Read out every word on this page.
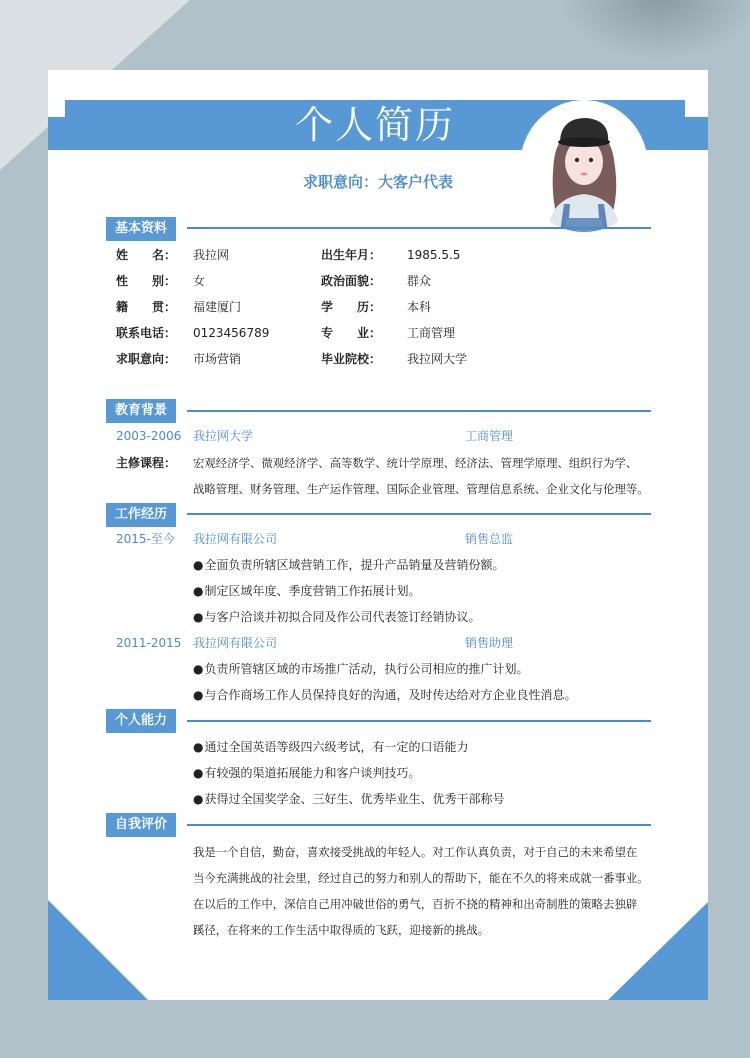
个人简历
求职意向：大客户代表
基本资料
姓　　名： 我拉网	出生年月： 1985.5.5
性　　别： 女	政治面貌： 群众
籍　　贯： 福建厦门	学　　历： 本科
联系电话： 0123456789	专　　业： 工商管理
求职意向： 市场营销	毕业院校： 我拉网大学
教育背景
2003-2006 我拉网大学	工商管理
主修课程： 宏观经济学、微观经济学、高等数学、统计学原理、经济法、管理学原理、组织行为学、
战略管理、财务管理、生产运作管理、国际企业管理、管理信息系统、企业文化与伦理等。
工作经历
2015-至今 我拉网有限公司	销售总监
● 全面负责所辖区域营销工作，提升产品销量及营销份额。
● 制定区域年度、季度营销工作拓展计划。
● 与客户洽谈并初拟合同及作公司代表签订经销协议。
2011-2015 我拉网有限公司	销售助理
● 负责所管辖区域的市场推广活动，执行公司相应的推广计划。
● 与合作商场工作人员保持良好的沟通，及时传达给对方企业良性消息。
个人能力
● 通过全国英语等级四六级考试，有一定的口语能力
● 有较强的渠道拓展能力和客户谈判技巧。
● 获得过全国奖学金、三好生、优秀毕业生、优秀干部称号
自我评价
我是一个自信，勤奋，喜欢接受挑战的年轻人。对工作认真负责，对于自己的未来希望在
当今充满挑战的社会里，经过自己的努力和别人的帮助下，能在不久的将来成就一番事业。
在以后的工作中，深信自己用冲破世俗的勇气，百折不挠的精神和出奇制胜的策略去独辟
蹊径，在将来的工作生活中取得质的飞跃，迎接新的挑战。
